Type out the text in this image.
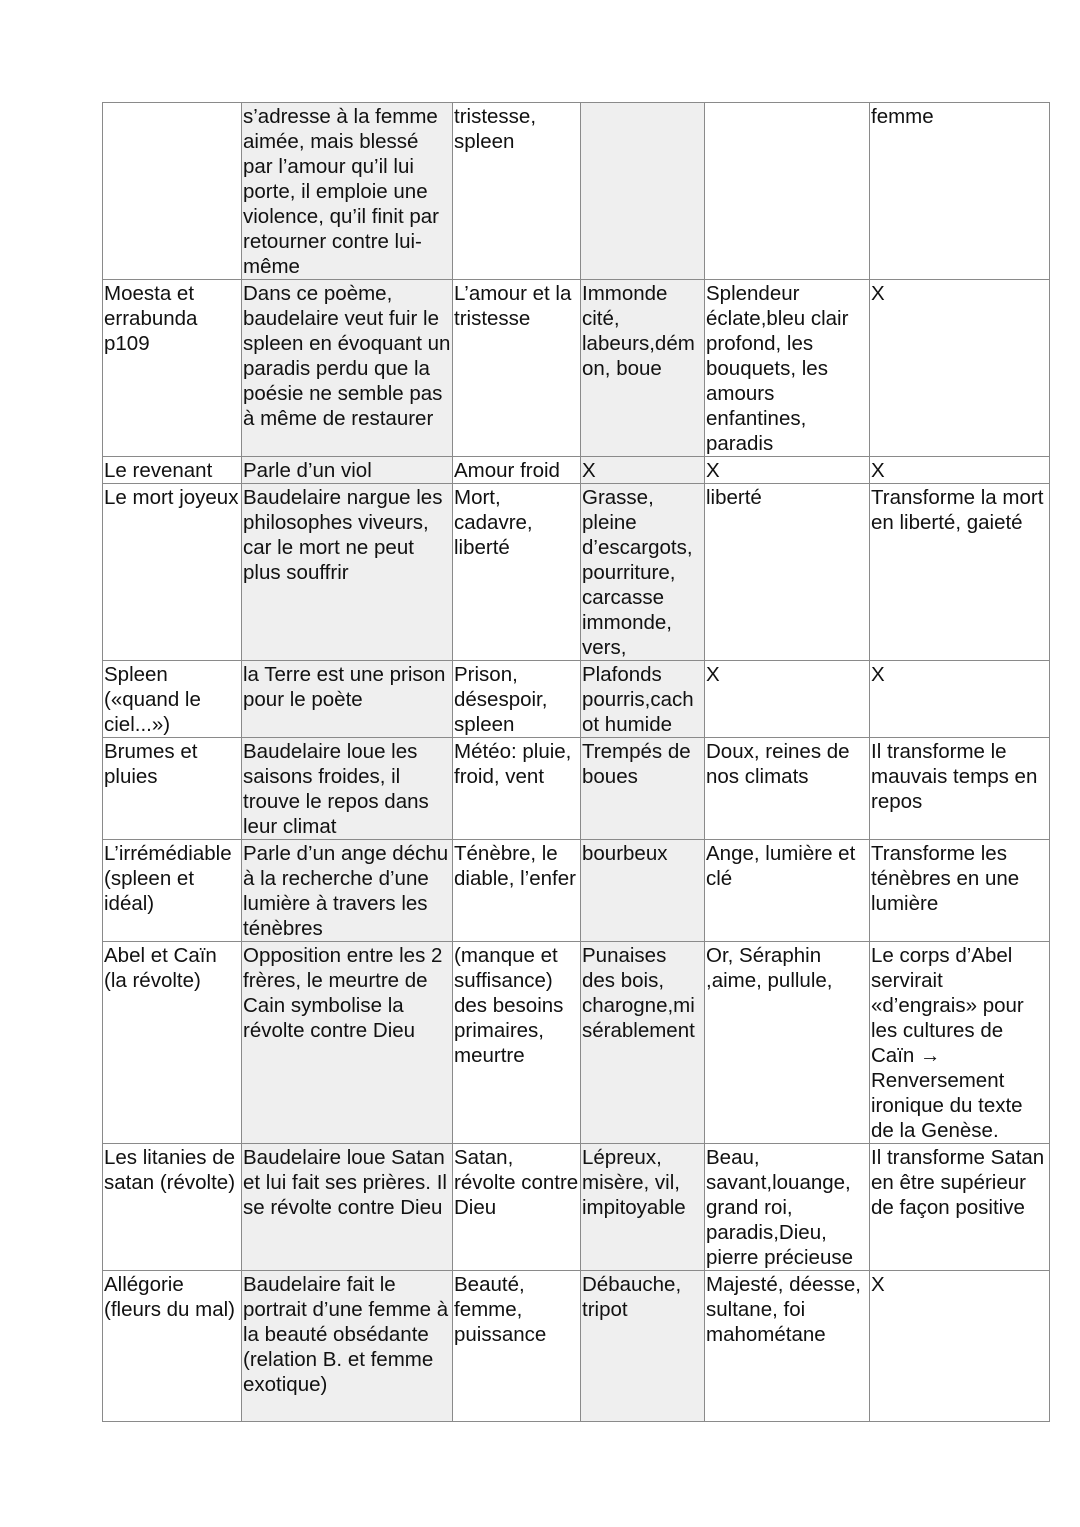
	s’adresse à la femme aimée, mais blessé par l’amour qu’il lui porte, il emploie une violence, qu’il finit par retourner contre lui-même	tristesse, spleen			femme
Moesta et errabunda p109	Dans ce poème, baudelaire veut fuir le spleen en évoquant un paradis perdu que la poésie ne semble pas à même de restaurer	L’amour et la tristesse	Immonde cité, labeurs,démon, boue	Splendeur éclate,bleu clair profond, les bouquets, les amours enfantines, paradis	X
Le revenant	Parle d’un viol	Amour froid	X	X	X
Le mort joyeux	Baudelaire nargue les philosophes viveurs, car le mort ne peut plus souffrir	Mort, cadavre, liberté	Grasse, pleine d’escargots, pourriture, carcasse immonde, vers,	liberté	Transforme la mort en liberté, gaieté
Spleen («quand le ciel...»)	la Terre est une prison pour le poète	Prison, désespoir, spleen	Plafonds pourris,cachot humide	X	X
Brumes et pluies	Baudelaire loue les saisons froides, il trouve le repos dans leur climat	Météo: pluie, froid, vent	Trempés de boues	Doux, reines de nos climats	Il transforme le mauvais temps en repos
L’irrémédiable (spleen et idéal)	Parle d’un ange déchu à la recherche d’une lumière à travers les ténèbres	Ténèbre, le diable, l’enfer	bourbeux	Ange, lumière et clé	Transforme les ténèbres en une lumière
Abel et Caïn (la révolte)	Opposition entre les 2 frères, le meurtre de Cain symbolise la révolte contre Dieu	(manque et suffisance) des besoins primaires, meurtre	Punaises des bois, charogne,misérablement	Or, Séraphin ,aime, pullule,	Le corps d’Abel servirait «d’engrais» pour les cultures de Caïn → Renversement ironique du texte de la Genèse.
Les litanies de satan (révolte)	Baudelaire loue Satan et lui fait ses prières. Il se révolte contre Dieu	Satan, révolte contre Dieu	Lépreux, misère, vil, impitoyable	Beau, savant,louange, grand roi, paradis,Dieu, pierre précieuse	Il transforme Satan en être supérieur de façon positive
Allégorie (fleurs du mal)	Baudelaire fait le portrait d’une femme à la beauté obsédante (relation B. et femme exotique)	Beauté, femme, puissance	Débauche, tripot	Majesté, déesse, sultane, foi mahométane	X
